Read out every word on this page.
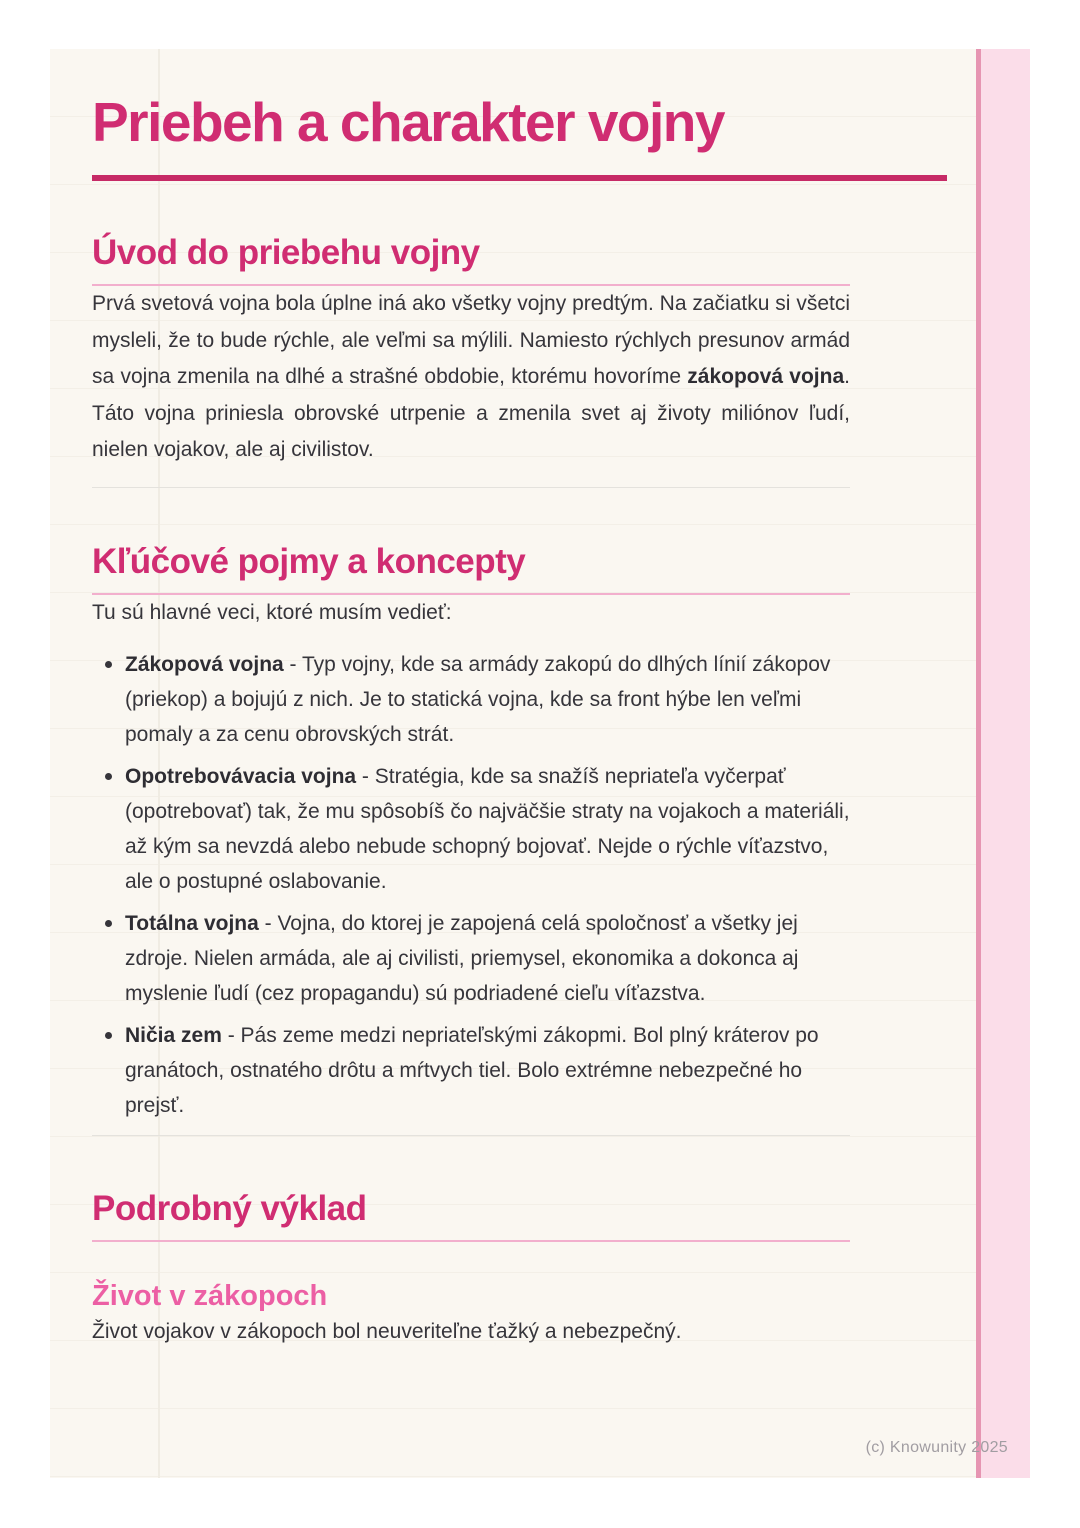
Priebeh a charakter vojny
Úvod do priebehu vojny

Prvá svetová vojna bola úplne iná ako všetky vojny predtým. Na začiatku si všetci mysleli, že to bude rýchle, ale veľmi sa mýlili. Namiesto rýchlych presunov armád sa vojna zmenila na dlhé a strašné obdobie, ktorému hovoríme zákopová vojna. Táto vojna priniesla obrovské utrpenie a zmenila svet aj životy miliónov ľudí, nielen vojakov, ale aj civilistov.

Kľúčové pojmy a koncepty

Tu sú hlavné veci, ktoré musím vedieť:

Zákopová vojna - Typ vojny, kde sa armády zakopú do dlhých línií zákopov (priekop) a bojujú z nich. Je to statická vojna, kde sa front hýbe len veľmi pomaly a za cenu obrovských strát.
Opotrebovávacia vojna - Stratégia, kde sa snažíš nepriateľa vyčerpať (opotrebovať) tak, že mu spôsobíš čo najväčšie straty na vojakoch a materiáli, až kým sa nevzdá alebo nebude schopný bojovať. Nejde o rýchle víťazstvo, ale o postupné oslabovanie.
Totálna vojna - Vojna, do ktorej je zapojená celá spoločnosť a všetky jej zdroje. Nielen armáda, ale aj civilisti, priemysel, ekonomika a dokonca aj myslenie ľudí (cez propagandu) sú podriadené cieľu víťazstva.
Ničia zem - Pás zeme medzi nepriateľskými zákopmi. Bol plný kráterov po granátoch, ostnatého drôtu a mŕtvych tiel. Bolo extrémne nebezpečné ho prejsť.
Podrobný výklad
Život v zákopoch

Život vojakov v zákopoch bol neuveriteľne ťažký a nebezpečný.

(c) Knowunity 2025
